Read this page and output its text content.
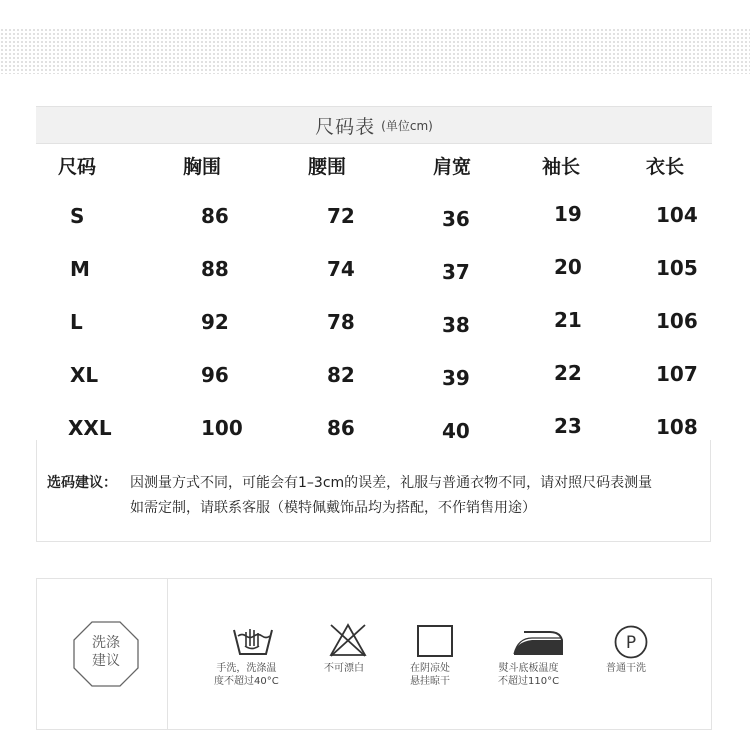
尺码表 (单位cm)
尺码	胸围	腰围	肩宽	袖长	衣长
S	86	72	36	19	104
M	88	74	37	20	105
L	92	78	38	21	106
XL	96	82	39	22	107
XXL	100	86	40	23	108
选码建议： 因测量方式不同，可能会有1–3cm的误差，礼服与普通衣物不同，请对照尺码表测量
如需定制，请联系客服（模特佩戴饰品均为搭配，不作销售用途）
洗涤
建议	手洗，洗涤温
度不超过40°C
不可漂白	在阴凉处
悬挂晾干
熨斗底板温度
不超过110°C
P
普通干洗
